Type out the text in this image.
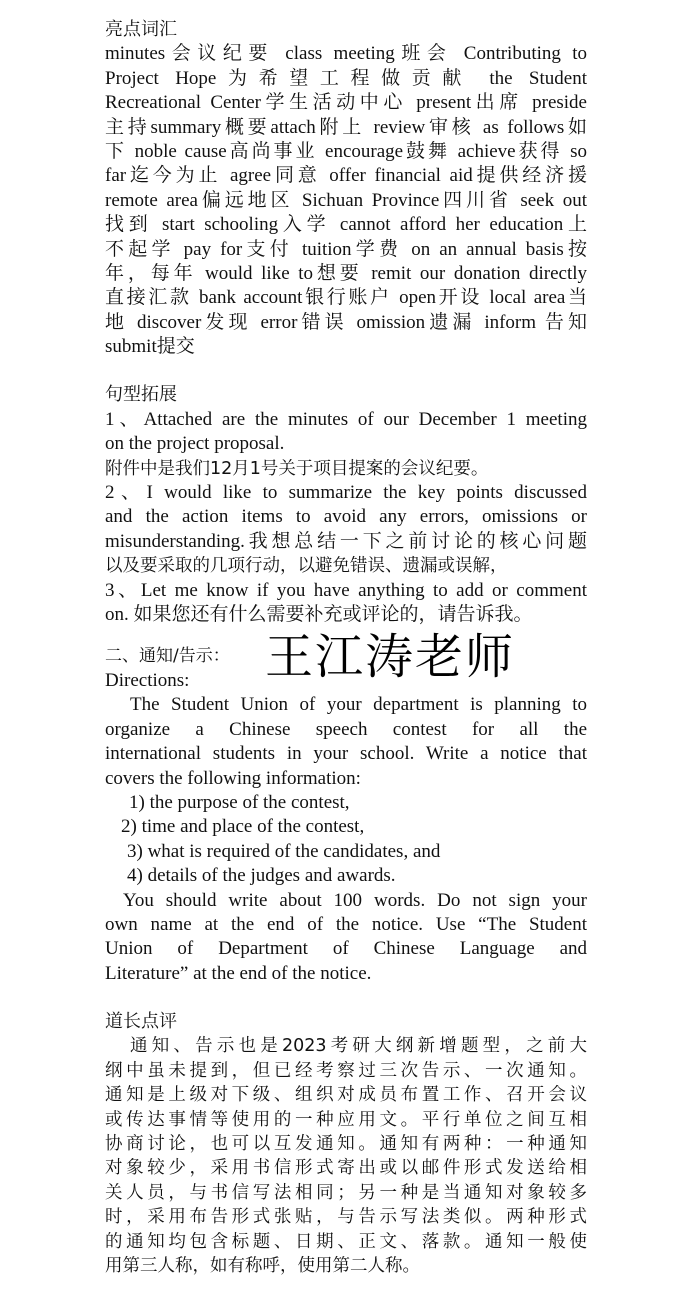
亮点词汇
minutes会议纪要 class meeting班会 Contributing to
Project Hope为希望工程做贡献 the Student
Recreational Center学生活动中心 present出席 preside
主持summary概要attach附上 review审核 as follows如
下 noble cause高尚事业 encourage鼓舞 achieve获得 so
far迄今为止 agree同意 offer financial aid提供经济援
remote area偏远地区 Sichuan Province四川省 seek out
找到 start schooling入学 cannot afford her education上
不起学 pay for支付 tuition学费 on an annual basis按
年，每年 would like to想要 remit our donation directly
直接汇款 bank account银行账户 open开设 local area当
地 discover发现 error错误 omission遗漏 inform 告知
submit提交
句型拓展
1、Attached are the minutes of our December 1 meeting
on the project proposal.
附件中是我们12月1号关于项目提案的会议纪要。
2、I would like to summarize the key points discussed
and the action items to avoid any errors, omissions or
misunderstanding.我想总结一下之前讨论的核心问题
以及要采取的几项行动，以避免错误、遗漏或误解，
3、Let me know if you have anything to add or comment
on. 如果您还有什么需要补充或评论的，请告诉我。
二、通知/告示： 王江涛老师
Directions:
The Student Union of your department is planning to
organize a Chinese speech contest for all the
international students in your school. Write a notice that
covers the following information:
1) the purpose of the contest,
2) time and place of the contest,
3) what is required of the candidates, and
4) details of the judges and awards.
You should write about 100 words. Do not sign your
own name at the end of the notice. Use “The Student
Union of Department of Chinese Language and
Literature” at the end of the notice.
道长点评
通知、告示也是2023考研大纲新增题型，之前大
纲中虽未提到，但已经考察过三次告示、一次通知。
通知是上级对下级、组织对成员布置工作、召开会议
或传达事情等使用的一种应用文。平行单位之间互相
协商讨论，也可以互发通知。通知有两种：一种通知
对象较少，采用书信形式寄出或以邮件形式发送给相
关人员，与书信写法相同；另一种是当通知对象较多
时，采用布告形式张贴，与告示写法类似。两种形式
的通知均包含标题、日期、正文、落款。通知一般使
用第三人称，如有称呼，使用第二人称。
